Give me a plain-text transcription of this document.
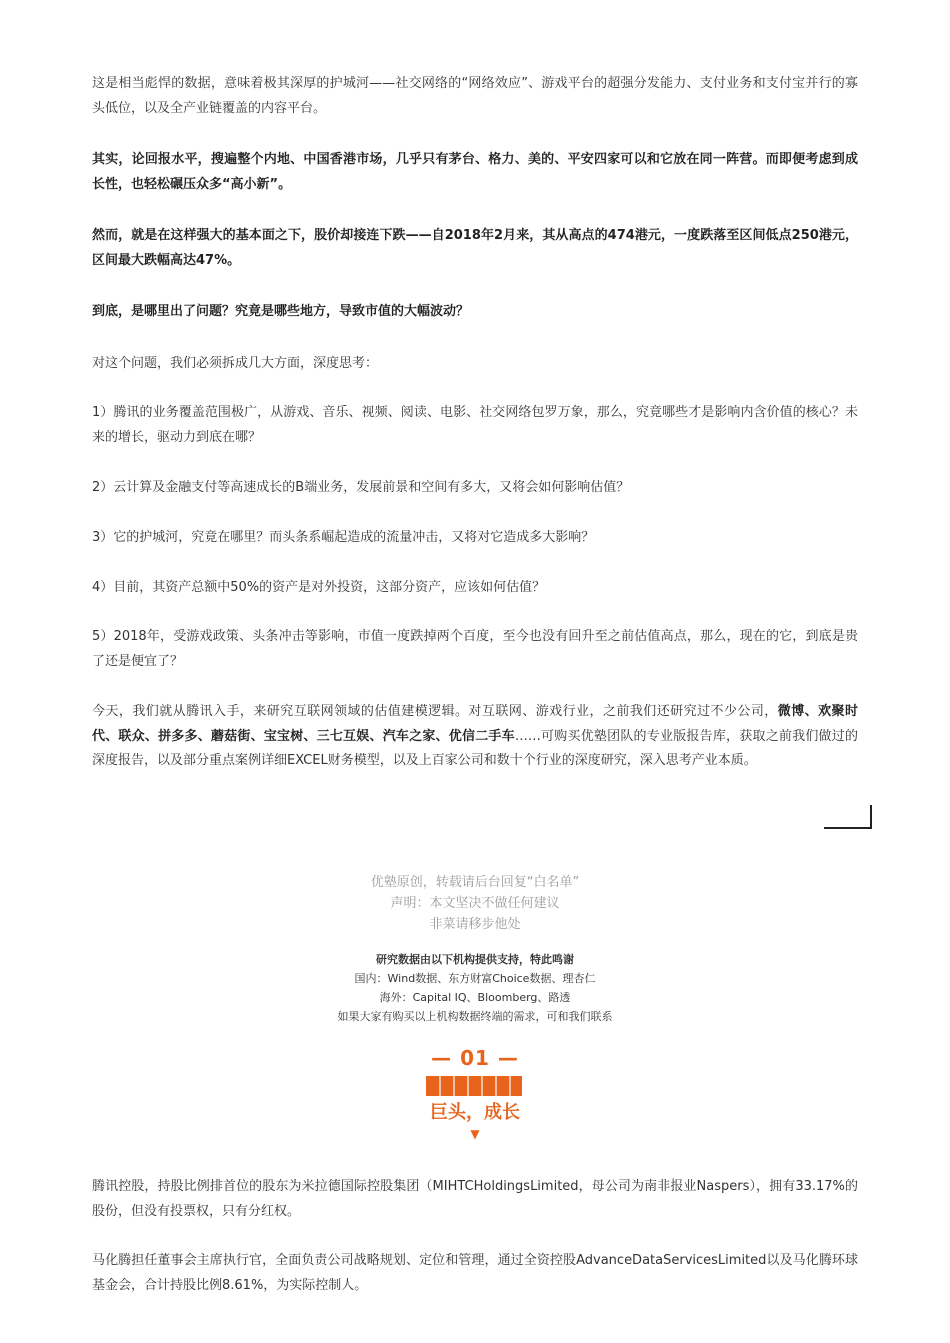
这是相当彪悍的数据，意味着极其深厚的护城河——社交网络的“网络效应”、游戏平台的超强分发能力、支付业务和支付宝并行的寡头低位，以及全产业链覆盖的内容平台。

其实，论回报水平，搜遍整个内地、中国香港市场，几乎只有茅台、格力、美的、平安四家可以和它放在同一阵营。而即便考虑到成长性，也轻松碾压众多“高小新”。

然而，就是在这样强大的基本面之下，股价却接连下跌——自2018年2月来，其从高点的474港元，一度跌落至区间低点250港元，区间最大跌幅高达47%。

到底，是哪里出了问题？究竟是哪些地方，导致市值的大幅波动？

对这个问题，我们必须拆成几大方面，深度思考：

1）腾讯的业务覆盖范围极广，从游戏、音乐、视频、阅读、电影、社交网络包罗万象，那么，究竟哪些才是影响内含价值的核心？未来的增长，驱动力到底在哪？

2）云计算及金融支付等高速成长的B端业务，发展前景和空间有多大，又将会如何影响估值？

3）它的护城河，究竟在哪里？而头条系崛起造成的流量冲击，又将对它造成多大影响？

4）目前，其资产总额中50%的资产是对外投资，这部分资产，应该如何估值？

5）2018年，受游戏政策、头条冲击等影响，市值一度跌掉两个百度，至今也没有回升至之前估值高点，那么，现在的它，到底是贵了还是便宜了？

今天，我们就从腾讯入手，来研究互联网领域的估值建模逻辑。对互联网、游戏行业，之前我们还研究过不少公司，微博、欢聚时代、联众、拼多多、蘑菇街、宝宝树、三七互娱、汽车之家、优信二手车……可购买优塾团队的专业版报告库，获取之前我们做过的深度报告，以及部分重点案例详细EXCEL财务模型，以及上百家公司和数十个行业的深度研究，深入思考产业本质。

优塾原创，转载请后台回复“白名单”
声明：本文坚决不做任何建议
非菜请移步他处
研究数据由以下机构提供支持，特此鸣谢
国内：Wind数据、东方财富Choice数据、理杏仁
海外：Capital IQ、Bloomberg、路透
如果大家有购买以上机构数据终端的需求，可和我们联系
— 01 —
巨头，成长
▼

腾讯控股，持股比例排首位的股东为米拉德国际控股集团（MIHTCHoldingsLimited，母公司为南非报业Naspers），拥有33.17%的股份，但没有投票权，只有分红权。

马化腾担任董事会主席执行官，全面负责公司战略规划、定位和管理，通过全资控股AdvanceDataServicesLimited以及马化腾环球基金会，合计持股比例8.61%，为实际控制人。
